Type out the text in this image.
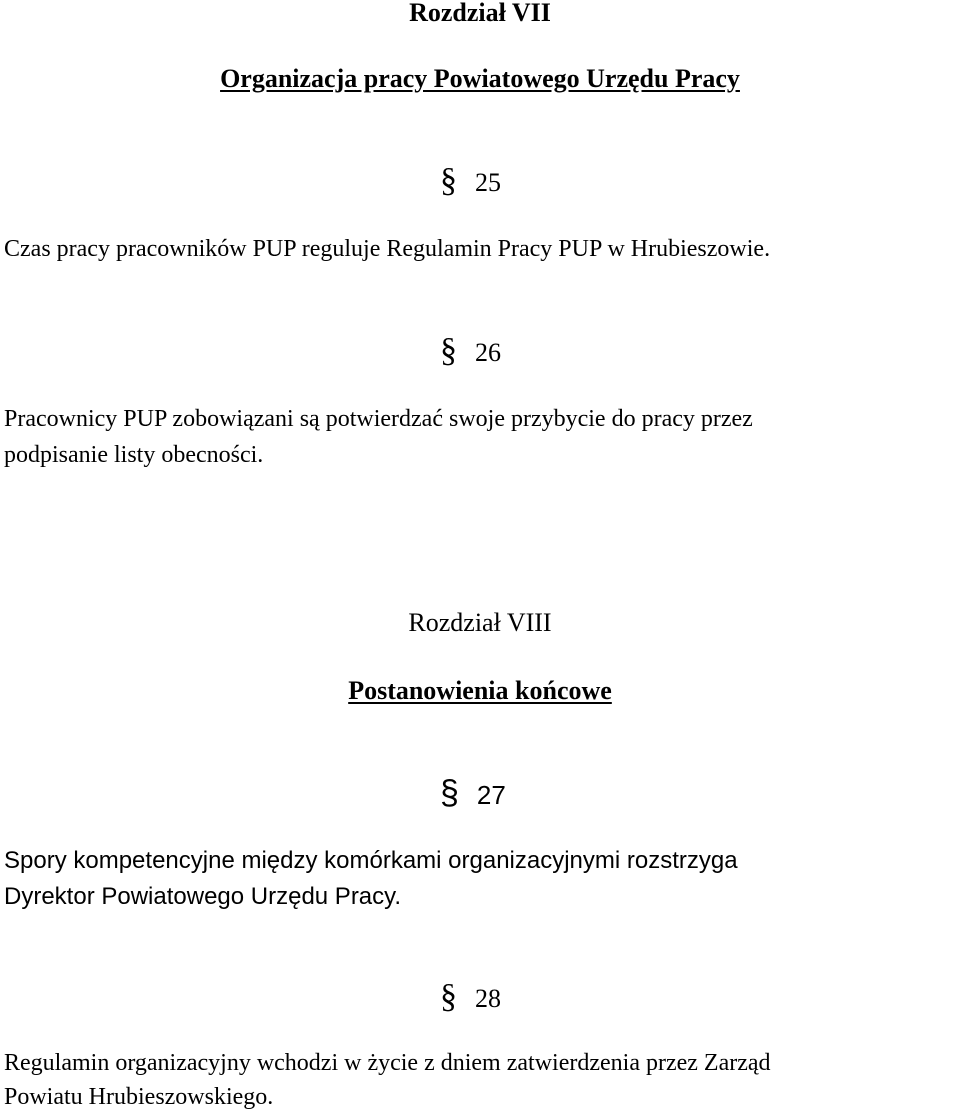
Rozdział VII
Organizacja pracy Powiatowego Urzędu Pracy
§ 25
Czas pracy pracowników PUP reguluje Regulamin Pracy PUP w Hrubieszowie.
§ 26
Pracownicy PUP zobowiązani są potwierdzać swoje przybycie do pracy przez
podpisanie listy obecności.
Rozdział VIII
Postanowienia końcowe
§ 27
Spory kompetencyjne między komórkami organizacyjnymi rozstrzyga
Dyrektor Powiatowego Urzędu Pracy.
§ 28
Regulamin organizacyjny wchodzi w życie z dniem zatwierdzenia przez Zarząd
Powiatu Hrubieszowskiego.
